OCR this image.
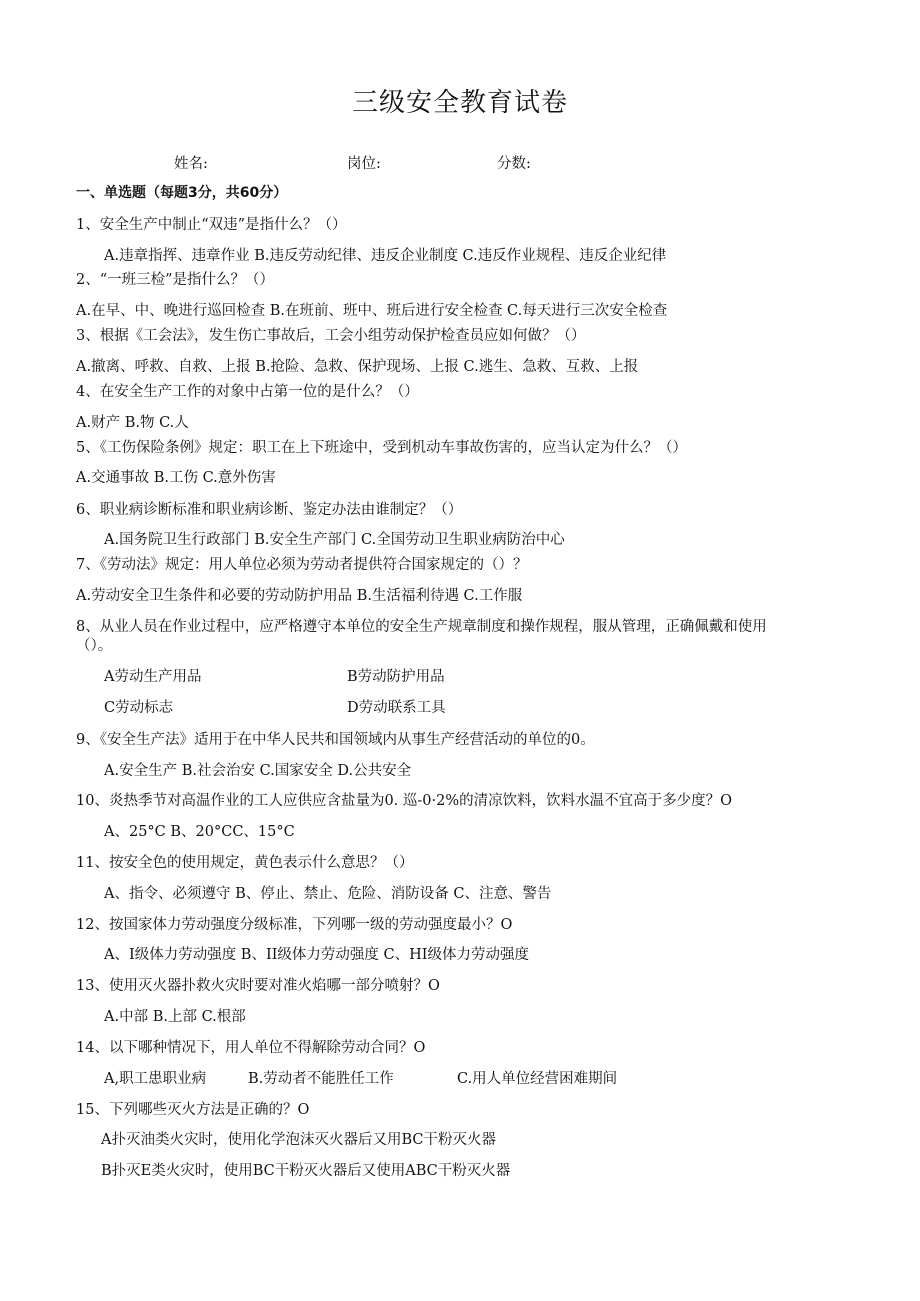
三级安全教育试卷
姓名:	岗位:	分数:
一、单选题（每题3分，共60分）
1、安全生产中制止“双违”是指什么？（）
A.违章指挥、违章作业 B.违反劳动纪律、违反企业制度 C.违反作业规程、违反企业纪律
2、“一班三检”是指什么？（）
A.在早、中、晚进行巡回检查 B.在班前、班中、班后进行安全检查 C.每天进行三次安全检查
3、根据《工会法》，发生伤亡事故后，工会小组劳动保护检查员应如何做？（）
A.撤离、呼救、自救、上报 B.抢险、急救、保护现场、上报 C.逃生、急救、互救、上报
4、在安全生产工作的对象中占第一位的是什么？（）
A.财产 B.物 C.人
5、《工伤保险条例》规定：职工在上下班途中，受到机动车事故伤害的，应当认定为什么？（）
A.交通事故 B.工伤 C.意外伤害
6、职业病诊断标准和职业病诊断、鉴定办法由谁制定？（）
A.国务院卫生行政部门 B.安全生产部门 C.全国劳动卫生职业病防治中心
7、《劳动法》规定：用人单位必须为劳动者提供符合国家规定的（）？
A.劳动安全卫生条件和必要的劳动防护用品 B.生活福利待遇 C.工作服
8、从业人员在作业过程中，应严格遵守本单位的安全生产规章制度和操作规程，服从管理，正确佩戴和使用
（）。
A劳动生产用品	B劳动防护用品
C劳动标志	D劳动联系工具
9、《安全生产法》适用于在中华人民共和国领域内从事生产经营活动的单位的0。
A.安全生产 B.社会治安 C.国家安全 D.公共安全
10、炎热季节对高温作业的工人应供应含盐量为0. 巡-0·2%的清凉饮料，饮料水温不宜高于多少度？O
A、25°C B、20°CC、15°C
11、按安全色的使用规定，黄色表示什么意思？（）
A、指令、必须遵守 B、停止、禁止、危险、消防设备 C、注意、警告
12、按国家体力劳动强度分级标准，下列哪一级的劳动强度最小？O
A、I级体力劳动强度 B、II级体力劳动强度 C、HI级体力劳动强度
13、使用灭火器扑救火灾时要对准火焰哪一部分喷射？O
A.中部 B.上部 C.根部
14、以下哪种情况下，用人单位不得解除劳动合同？O
A,职工患职业病	B.劳动者不能胜任工作	C.用人单位经营困难期间
15、下列哪些灭火方法是正确的？O
A扑灭油类火灾时，使用化学泡沫灭火器后又用BC干粉灭火器
B扑灭E类火灾时，使用BC干粉灭火器后又使用ABC干粉灭火器
